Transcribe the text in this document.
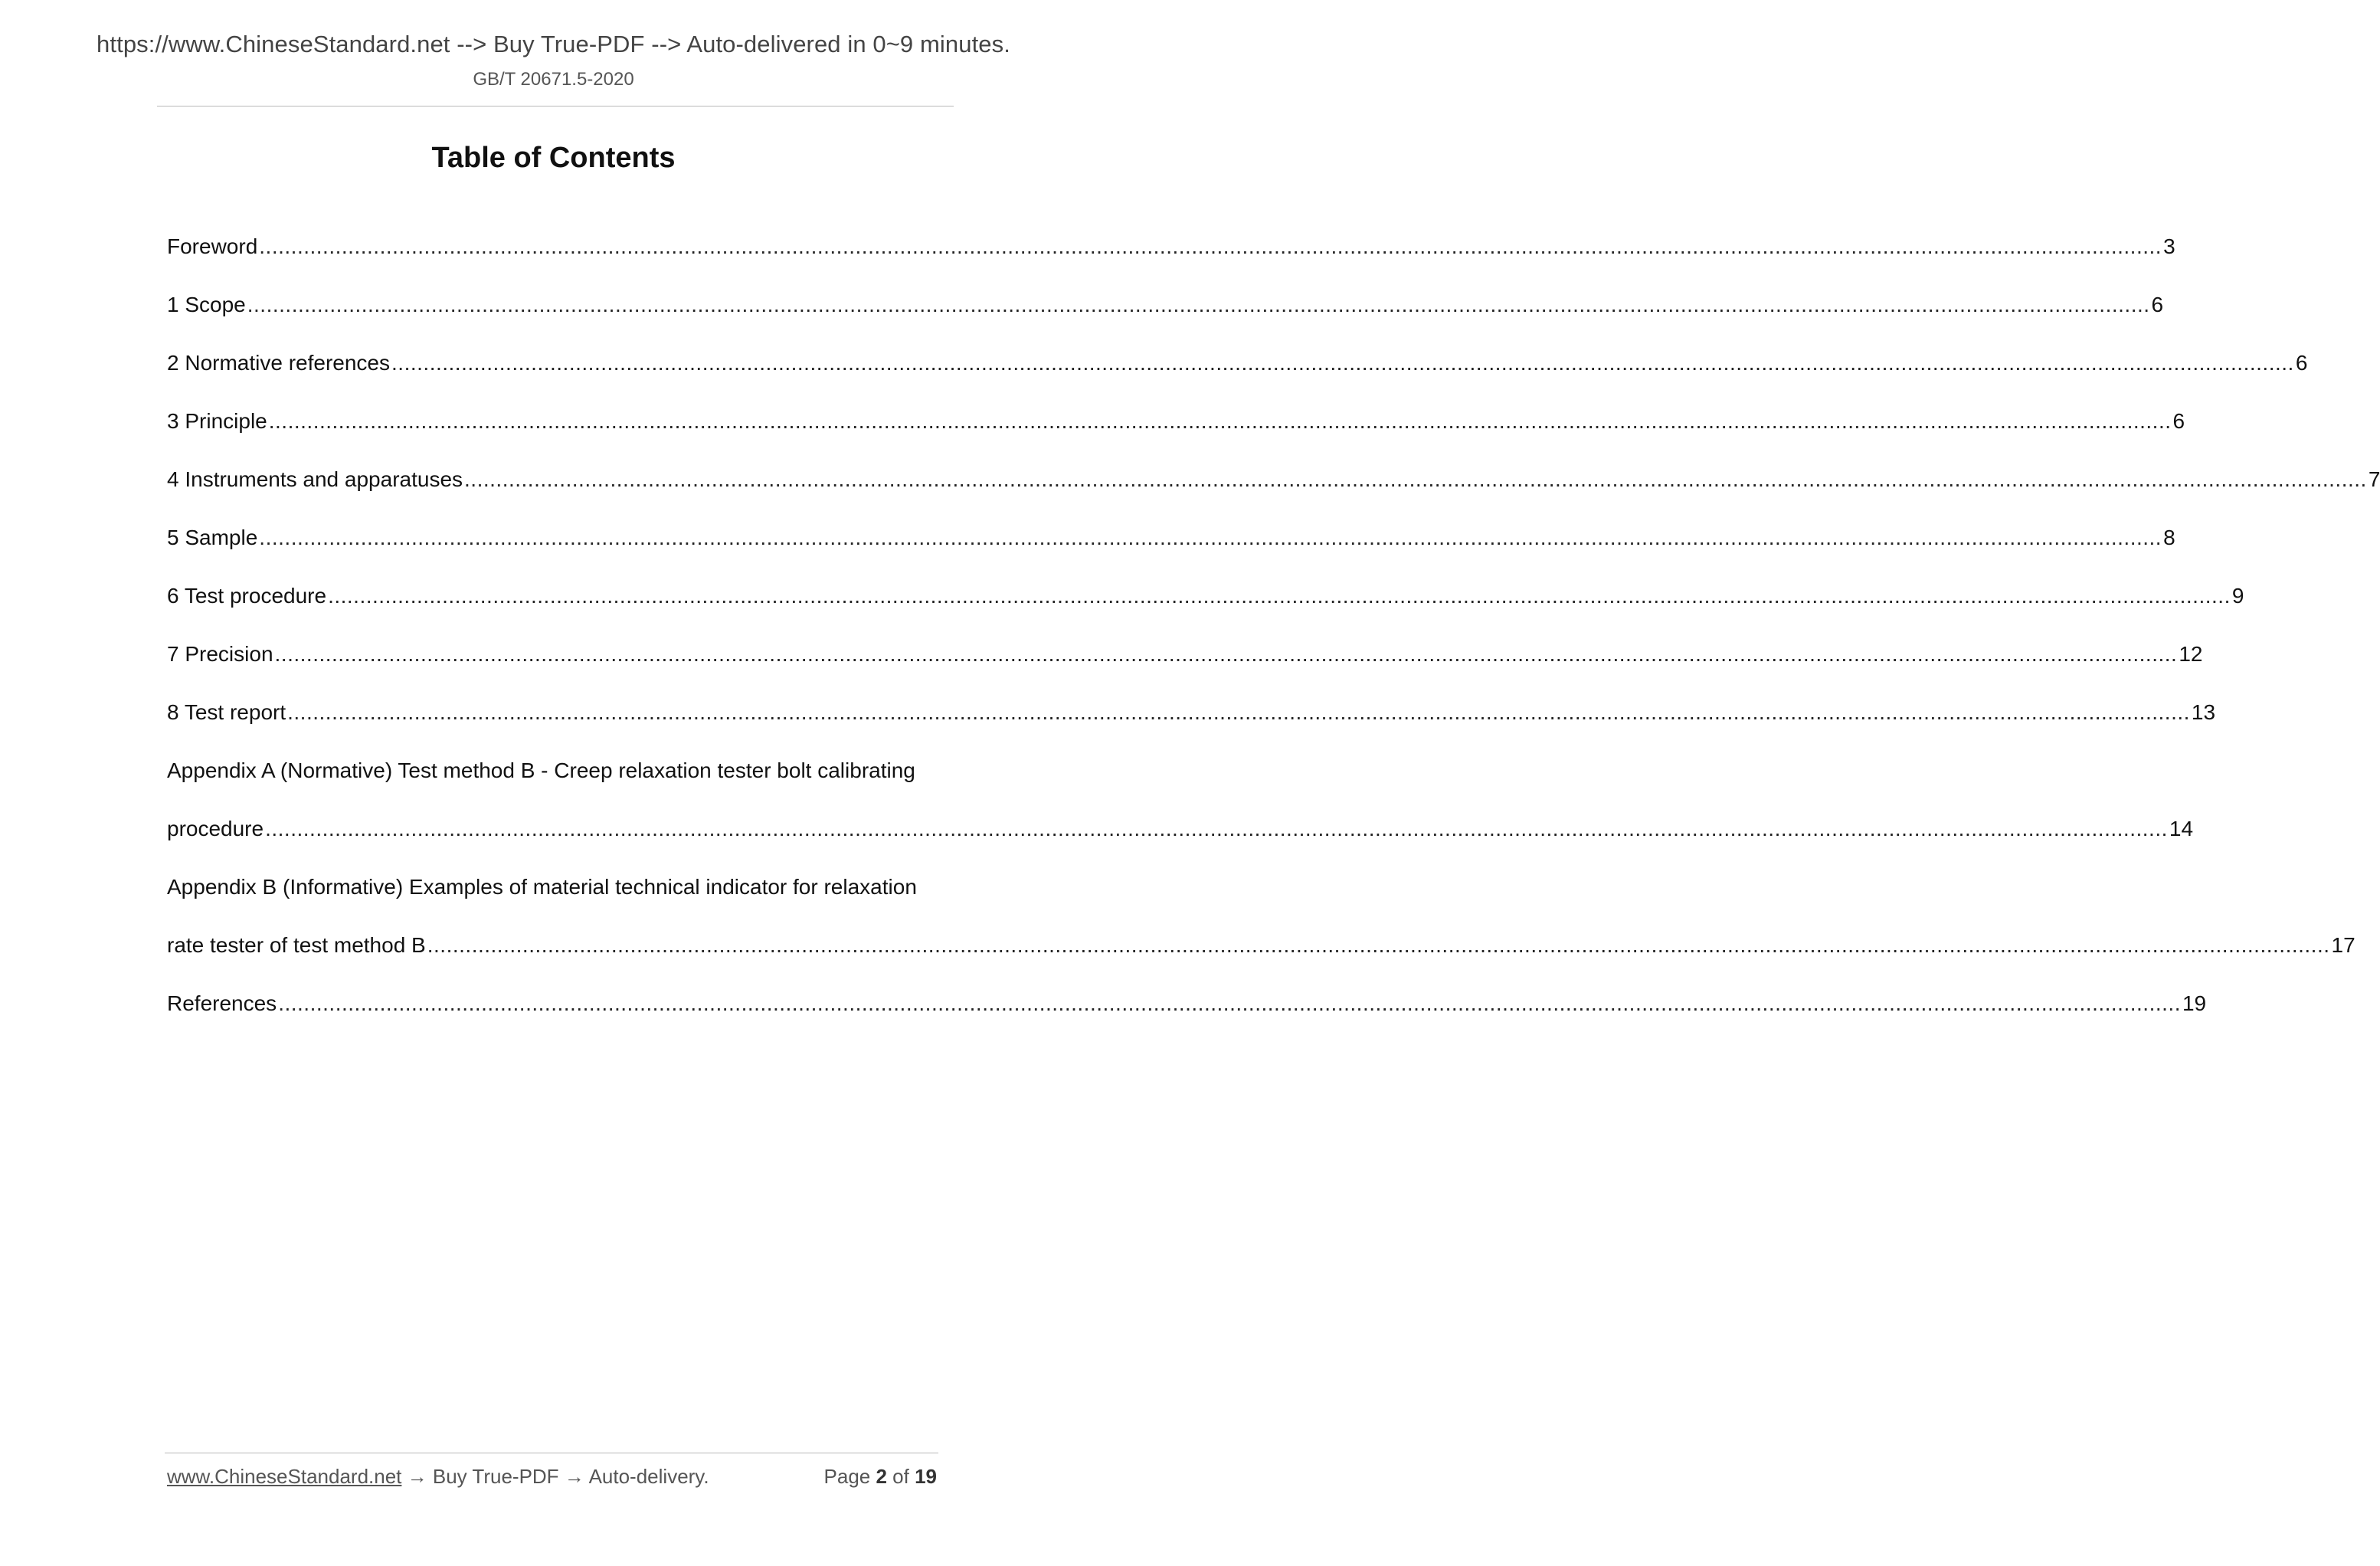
https://www.ChineseStandard.net --> Buy True-PDF --> Auto-delivered in 0~9 minutes.
GB/T 20671.5-2020
Table of Contents
Foreword ............................................................................................................................................................................................................................................................................................................ 3
1 Scope ............................................................................................................................................................................................................................................................................................................ 6
2 Normative references ............................................................................................................................................................................................................................................................................................................ 6
3 Principle ............................................................................................................................................................................................................................................................................................................ 6
4 Instruments and apparatuses ............................................................................................................................................................................................................................................................................................................ 7
5 Sample ............................................................................................................................................................................................................................................................................................................ 8
6 Test procedure ............................................................................................................................................................................................................................................................................................................ 9
7 Precision ............................................................................................................................................................................................................................................................................................................ 12
8 Test report ............................................................................................................................................................................................................................................................................................................ 13
Appendix A (Normative) Test method B - Creep relaxation tester bolt calibrating
procedure ............................................................................................................................................................................................................................................................................................................ 14
Appendix B (Informative) Examples of material technical indicator for relaxation
rate tester of test method B ............................................................................................................................................................................................................................................................................................................ 17
References ............................................................................................................................................................................................................................................................................................................ 19
www.ChineseStandard.net → Buy True-PDF → Auto-delivery.	Page 2 of 19
